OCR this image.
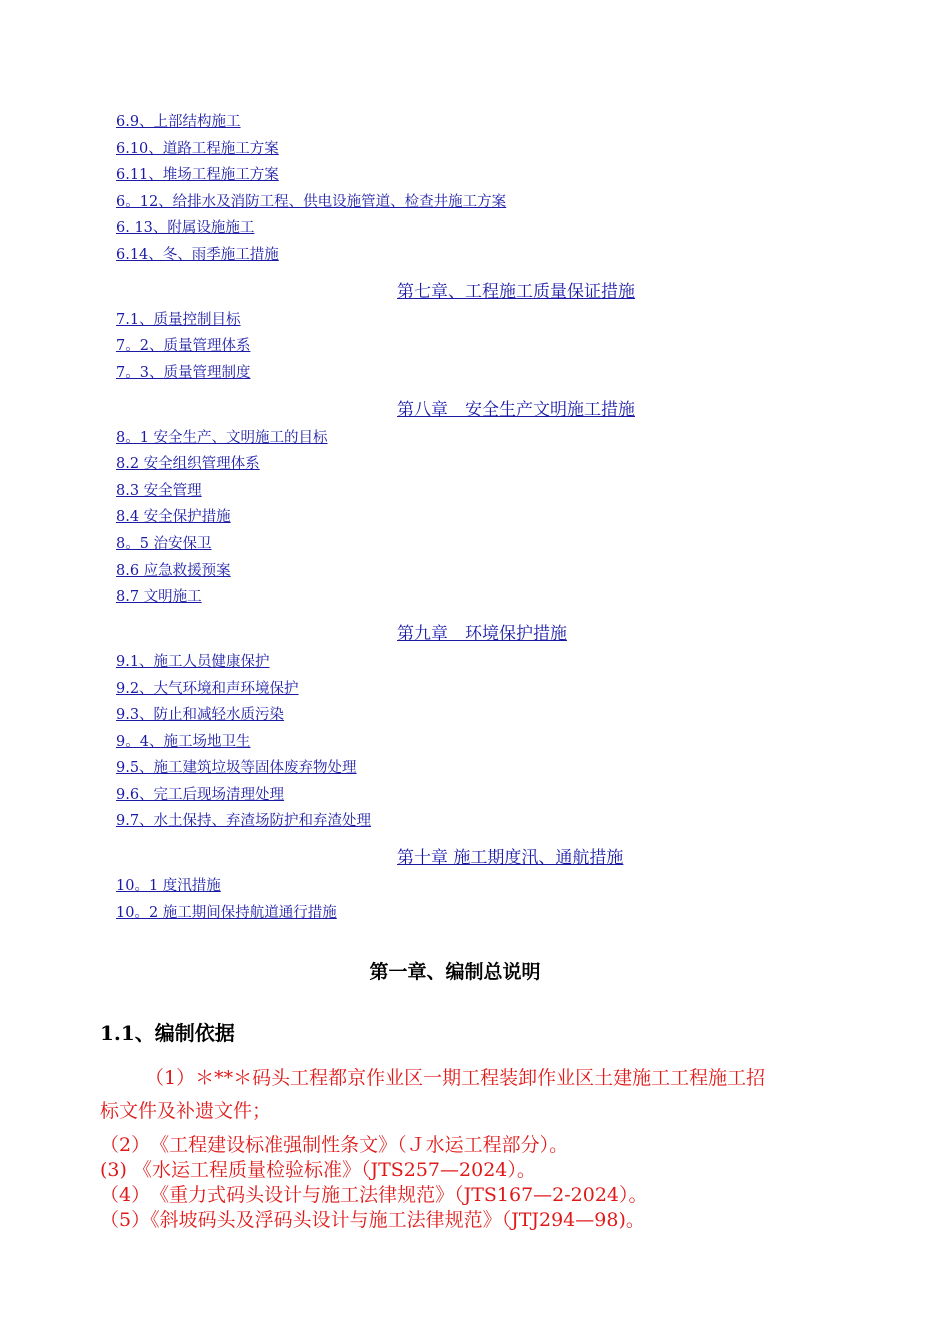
6.9、上部结构施工
6.10、道路工程施工方案
6.11、堆场工程施工方案
6。12、给排水及消防工程、供电设施管道、检查井施工方案
6. 13、附属设施施工
6.14、冬、雨季施工措施
第七章、工程施工质量保证措施
7.1、质量控制目标
7。2、质量管理体系
7。3、质量管理制度
第八章　安全生产文明施工措施
8。1 安全生产、文明施工的目标
8.2 安全组织管理体系
8.3 安全管理
8.4 安全保护措施
8。5 治安保卫
8.6 应急救援预案
8.7 文明施工
第九章　环境保护措施
9.1、施工人员健康保护
9.2、大气环境和声环境保护
9.3、防止和减轻水质污染
9。4、施工场地卫生
9.5、施工建筑垃圾等固体废弃物处理
9.6、完工后现场清理处理
9.7、水土保持、弃渣场防护和弃渣处理
第十章 施工期度汛、通航措施
10。1 度汛措施
10。2 施工期间保持航道通行措施
第一章、编制总说明
1.1、编制依据
（1）＊**＊码头工程都京作业区一期工程装卸作业区土建施工工程施工招
标文件及补遗文件；
（2）　《工程建设标准强制性条文》（Ｊ水运工程部分）。
(3) 《水运工程质量检验标准》（JTS257—2024）。
（4）　《重力式码头设计与施工法律规范》（JTS167—2-2024）。
（5）《斜坡码头及浮码头设计与施工法律规范》（JTJ294—98)。
